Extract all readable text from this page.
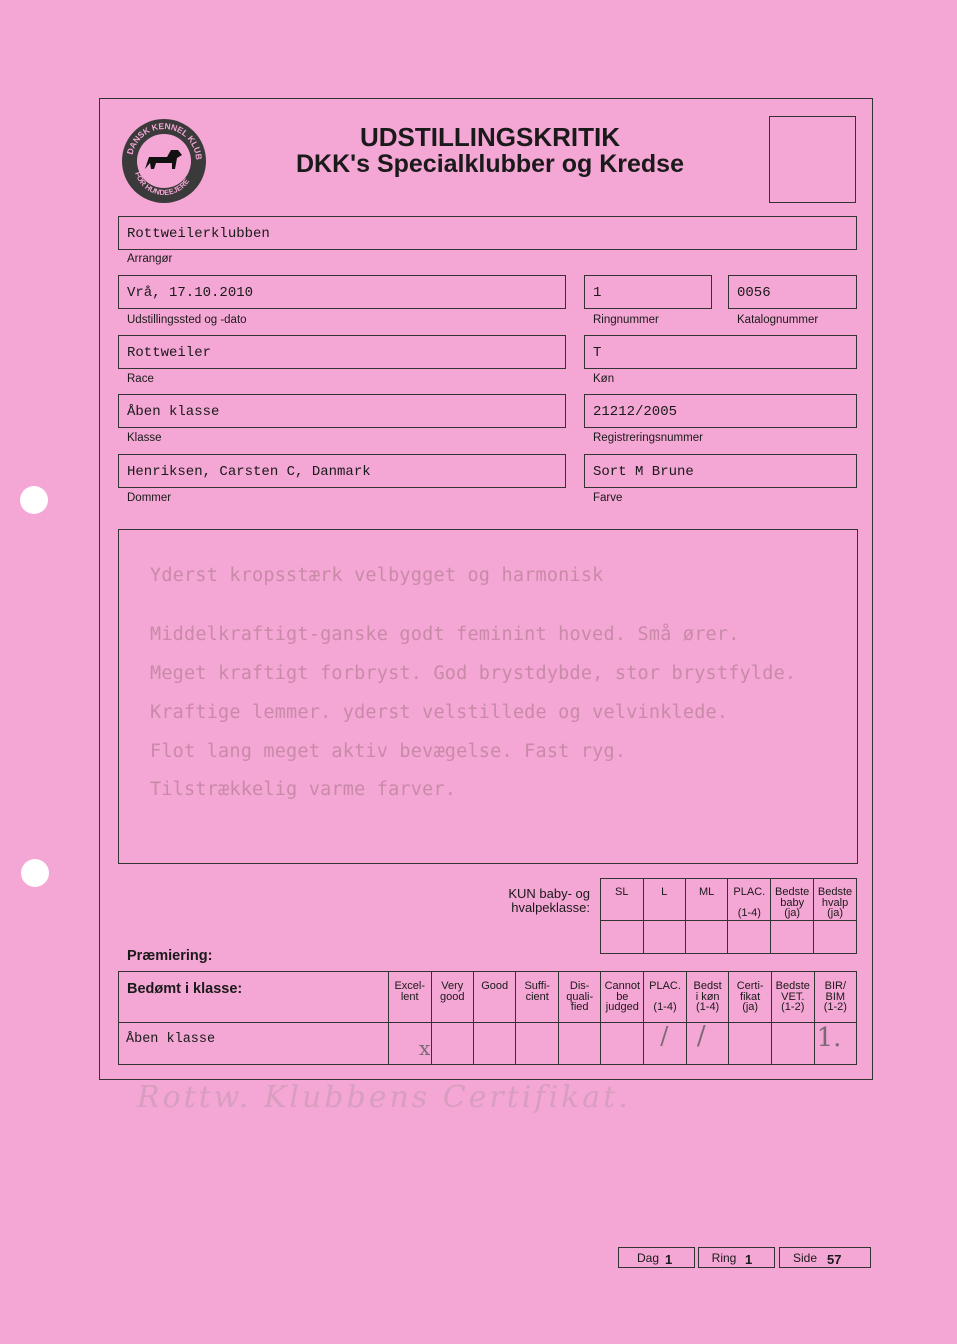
DANSK KENNEL KLUB
FOR HUNDEEJERE
UDSTILLINGSKRITIK
DKK's Specialklubber og Kredse
Rottweilerklubben
Arrangør
Vrå, 17.10.2010
Udstillingssted og -dato
1
Ringnummer
0056
Katalognummer
Rottweiler
Race
T
Køn
Åben klasse
Klasse
21212/2005
Registreringsnummer
Henriksen, Carsten C, Danmark
Dommer
Sort M Brune
Farve
Yderst kropsstærk velbygget og harmonisk
Middelkraftigt-ganske godt feminint hoved. Små ører.
Meget kraftigt forbryst. God brystdybde, stor brystfylde.
Kraftige lemmer. yderst velstillede og velvinklede.
Flot lang meget aktiv bevægelse. Fast ryg.
Tilstrækkelig varme farver.
KUN baby- og hvalpeklasse:
SL	L	ML	PLAC.

(1-4)	Bedste
baby
(ja)	Bedste
hvalp
(ja)

Præmiering:
Bedømt i klasse:	Excel-
lent	Very
good	Good	Suffi-
cient	Dis-
quali-
fied	Cannot
be
judged	PLAC.

(1-4)	Bedst
i køn
(1-4)	Certi-
fikat
(ja)	Bedste
VET.
(1-2)	BIR/
BIM
(1-2)
Åben klasse	x						/	/			1.
Rottw. Klubbens Certifikat.
Dag 1	Ring 1	Side 57
